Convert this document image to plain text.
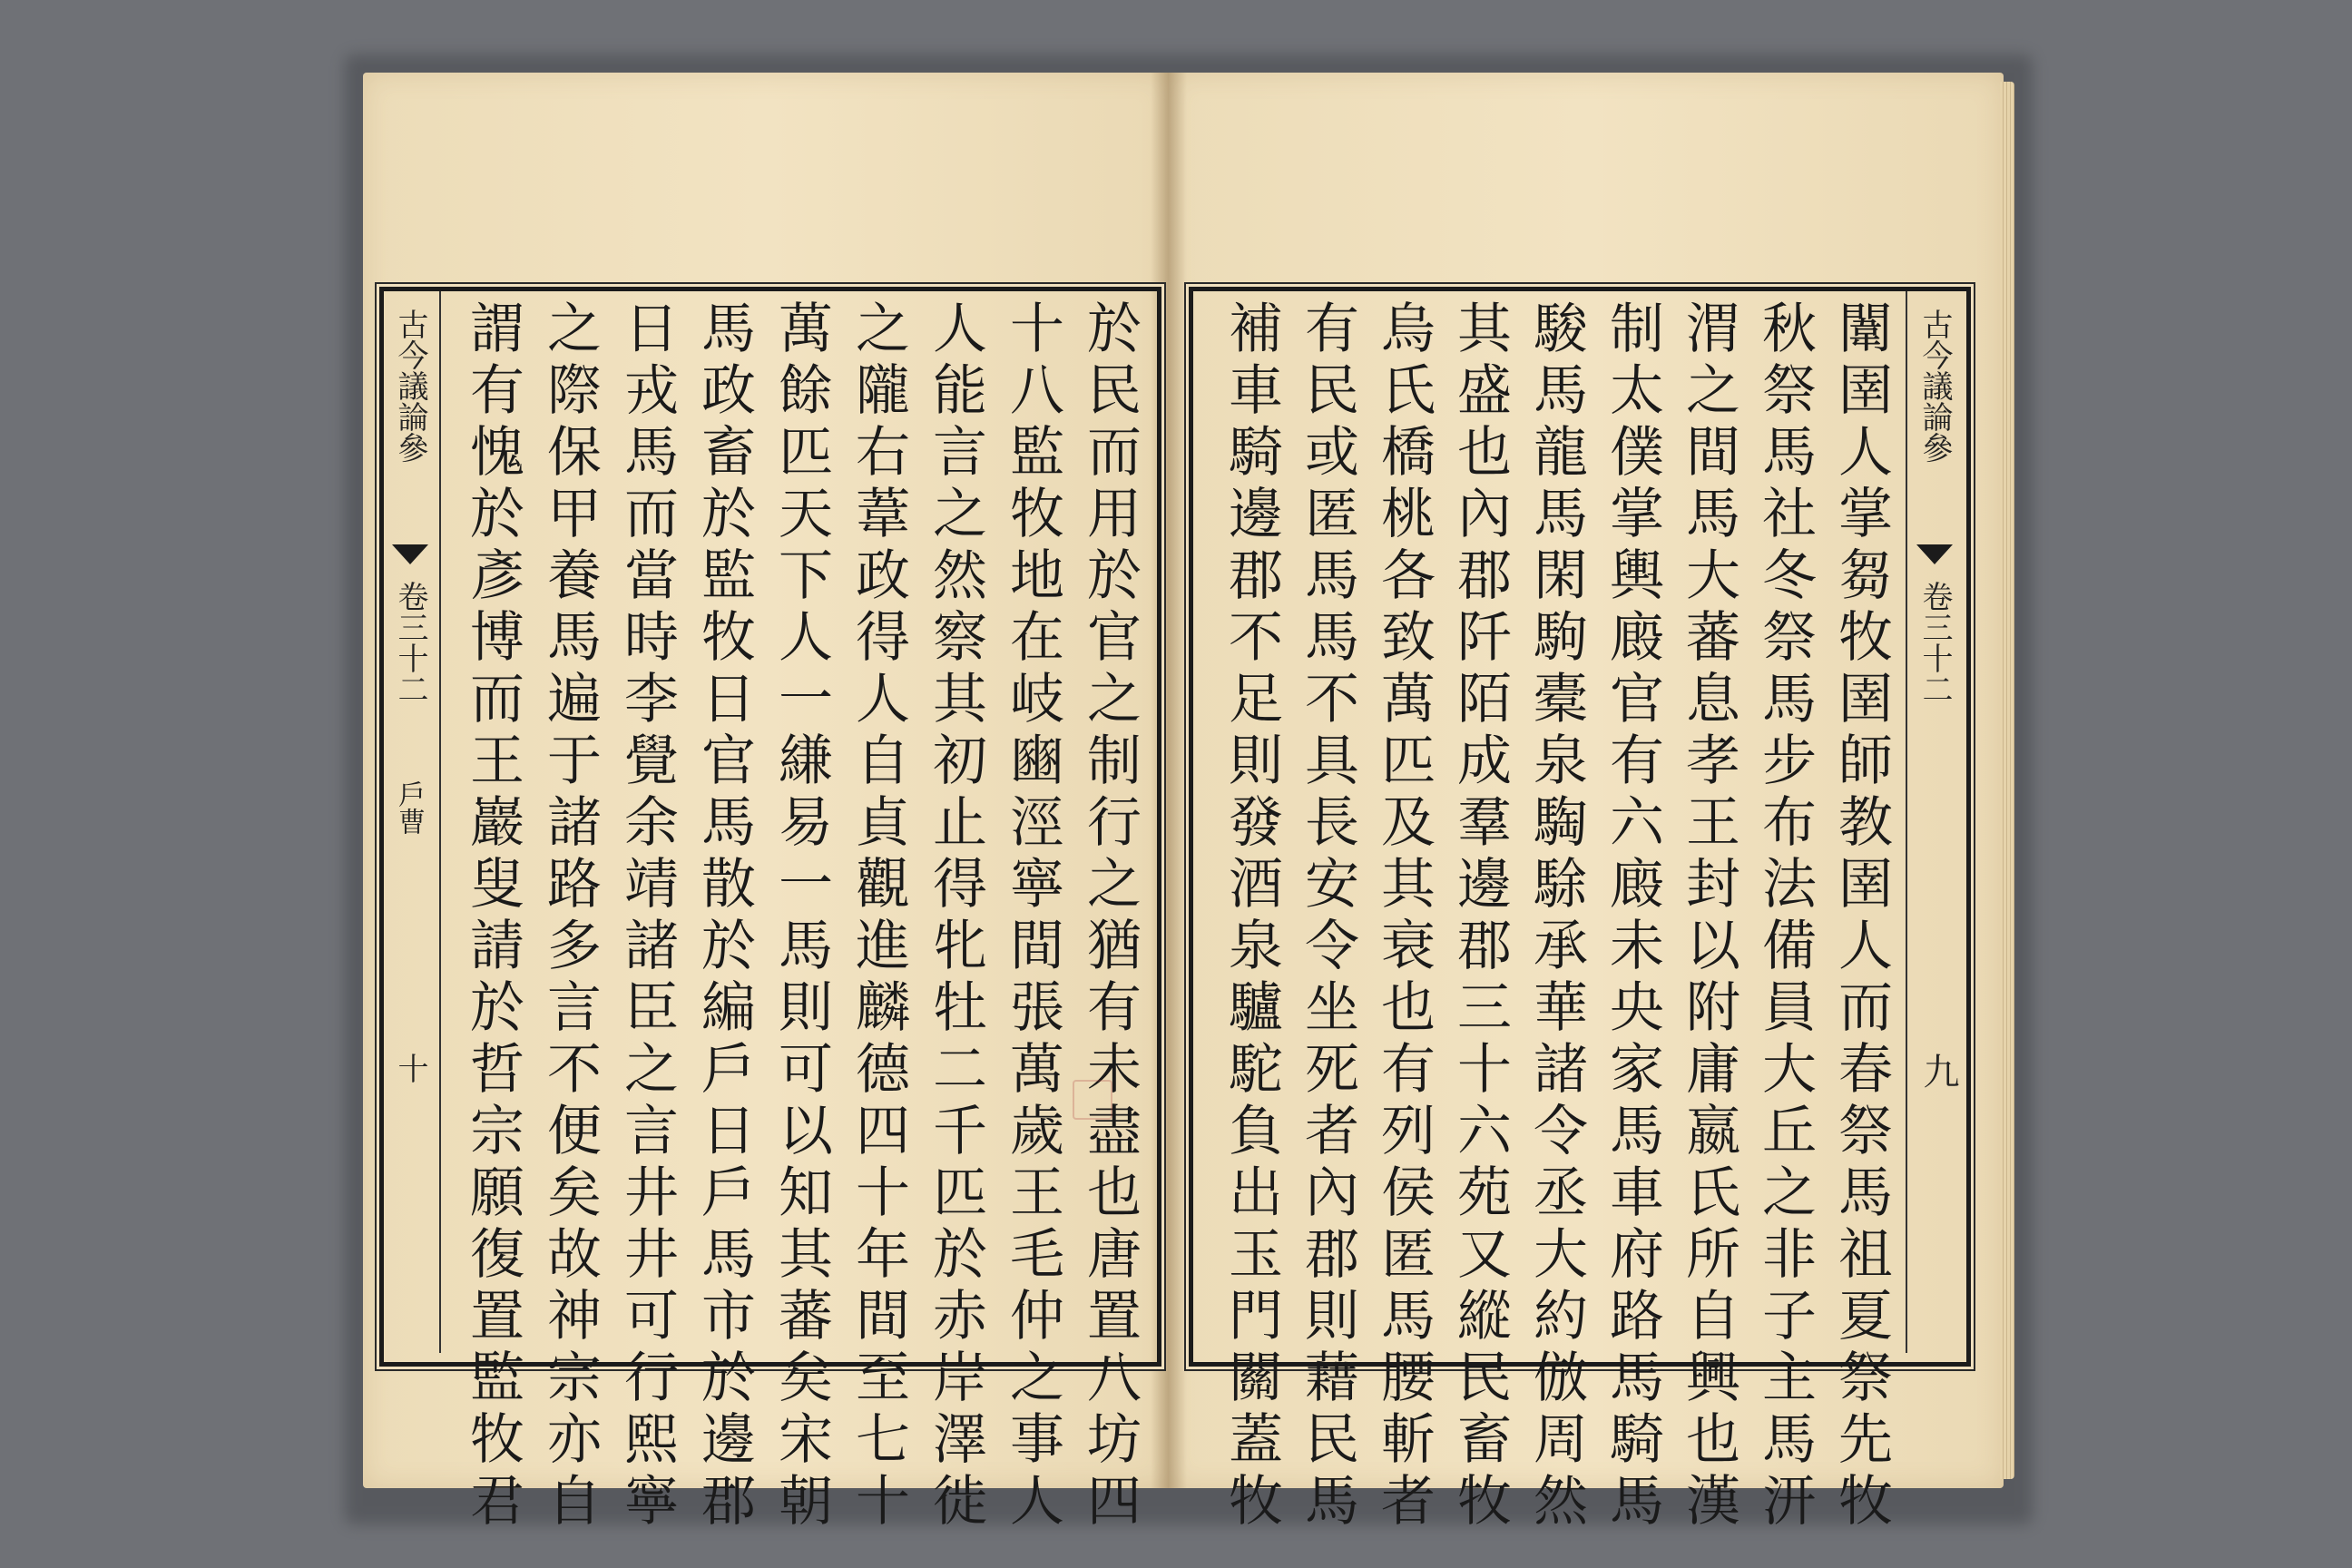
古今議論參
卷三十二
戶曹
十	於民而用於官之制行之猶有未盡也唐置八坊四
十八監牧地在岐豳涇寧間張萬歲王毛仲之事人
人能言之然察其初止得牝牡二千匹於赤岸澤徙
之隴右葦政得人自貞觀進麟德四十年間至七十
萬餘匹天下人一縑易一馬則可以知其蕃矣宋朝
馬政畜於監牧日官馬散於編戶日戶馬市於邊郡
日戎馬而當時李覺余靖諸臣之言井井可行熙寧
之際保甲養馬遍于諸路多言不便矣故神宗亦自
謂有愧於彥博而王巖叟請於哲宗願復置監牧君	古今議論參
卷三十二
九
闈圉人掌芻牧圉師教圉人而春祭馬祖夏祭先牧
秋祭馬社冬祭馬步布法備員大丘之非子主馬汧
渭之間馬大蕃息孝王封以附庸嬴氏所自興也漢
制太僕掌輿廄官有六廄未央家馬車府路馬騎馬
駿馬龍馬閑駒橐泉騊駼承華諸令丞大約倣周然
其盛也內郡阡陌成羣邊郡三十六苑又縱民畜牧
烏氏橋桃各致萬匹及其衰也有列侯匿馬腰斬者
有民或匿馬馬不具長安令坐死者內郡則藉民馬
補車騎邊郡不足則發酒泉驢駝負出玉門關蓋牧
